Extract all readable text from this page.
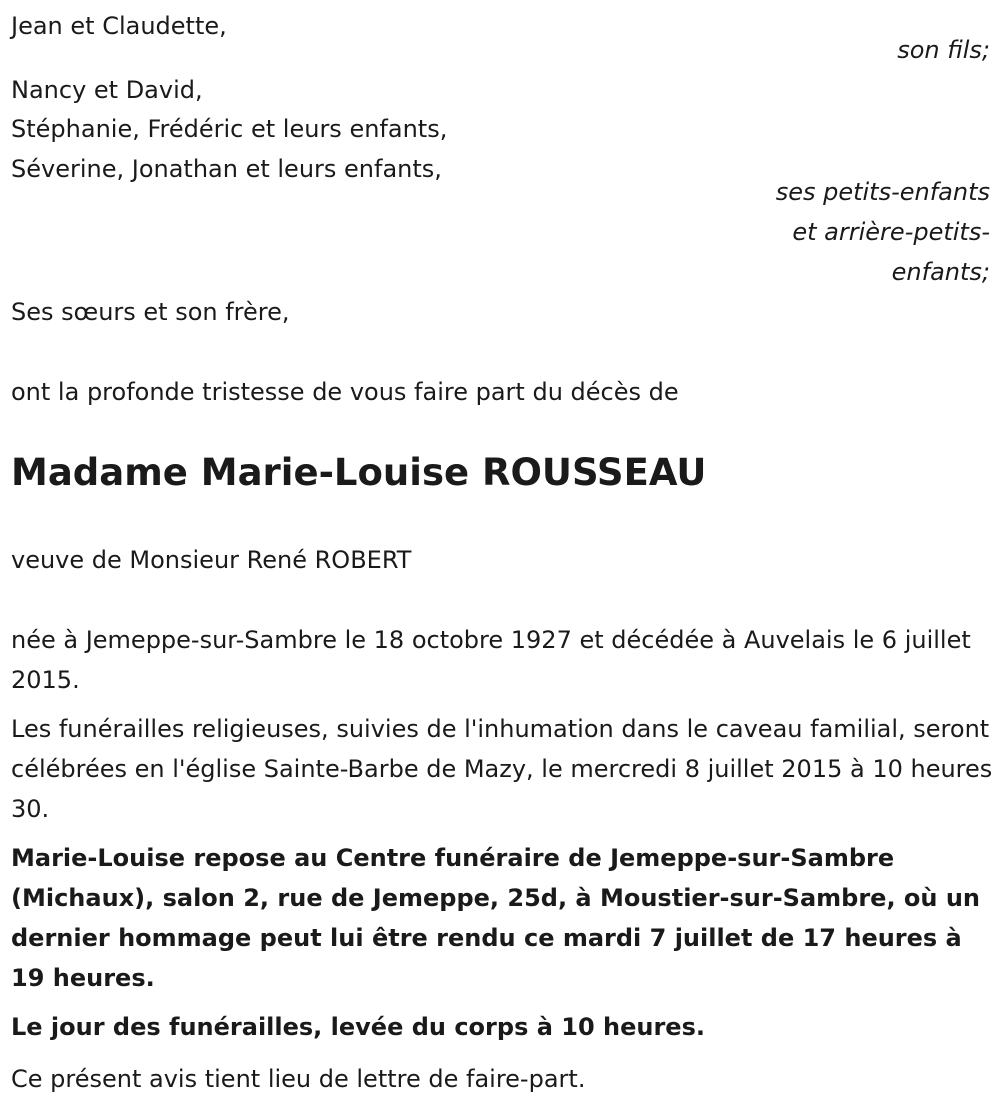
Jean et Claudette,
son fils;
Nancy et David,
Stéphanie, Frédéric et leurs enfants,
Séverine, Jonathan et leurs enfants,
ses petits-enfants
et arrière-petits-
enfants;
Ses sœurs et son frère,
ont la profonde tristesse de vous faire part du décès de
Madame Marie-Louise ROUSSEAU
veuve de Monsieur René ROBERT

née à Jemeppe-sur-Sambre le 18 octobre 1927 et décédée à Auvelais le 6 juillet 2015.

Les funérailles religieuses, suivies de l'inhumation dans le caveau familial, seront célébrées en l'église Sainte-Barbe de Mazy, le mercredi 8 juillet 2015 à 10 heures 30.

Marie-Louise repose au Centre funéraire de Jemeppe-sur-Sambre (Michaux), salon 2, rue de Jemeppe, 25d, à Moustier-sur-Sambre, où un dernier hommage peut lui être rendu ce mardi 7 juillet de 17 heures à 19 heures.

Le jour des funérailles, levée du corps à 10 heures.

Ce présent avis tient lieu de lettre de faire-part.
